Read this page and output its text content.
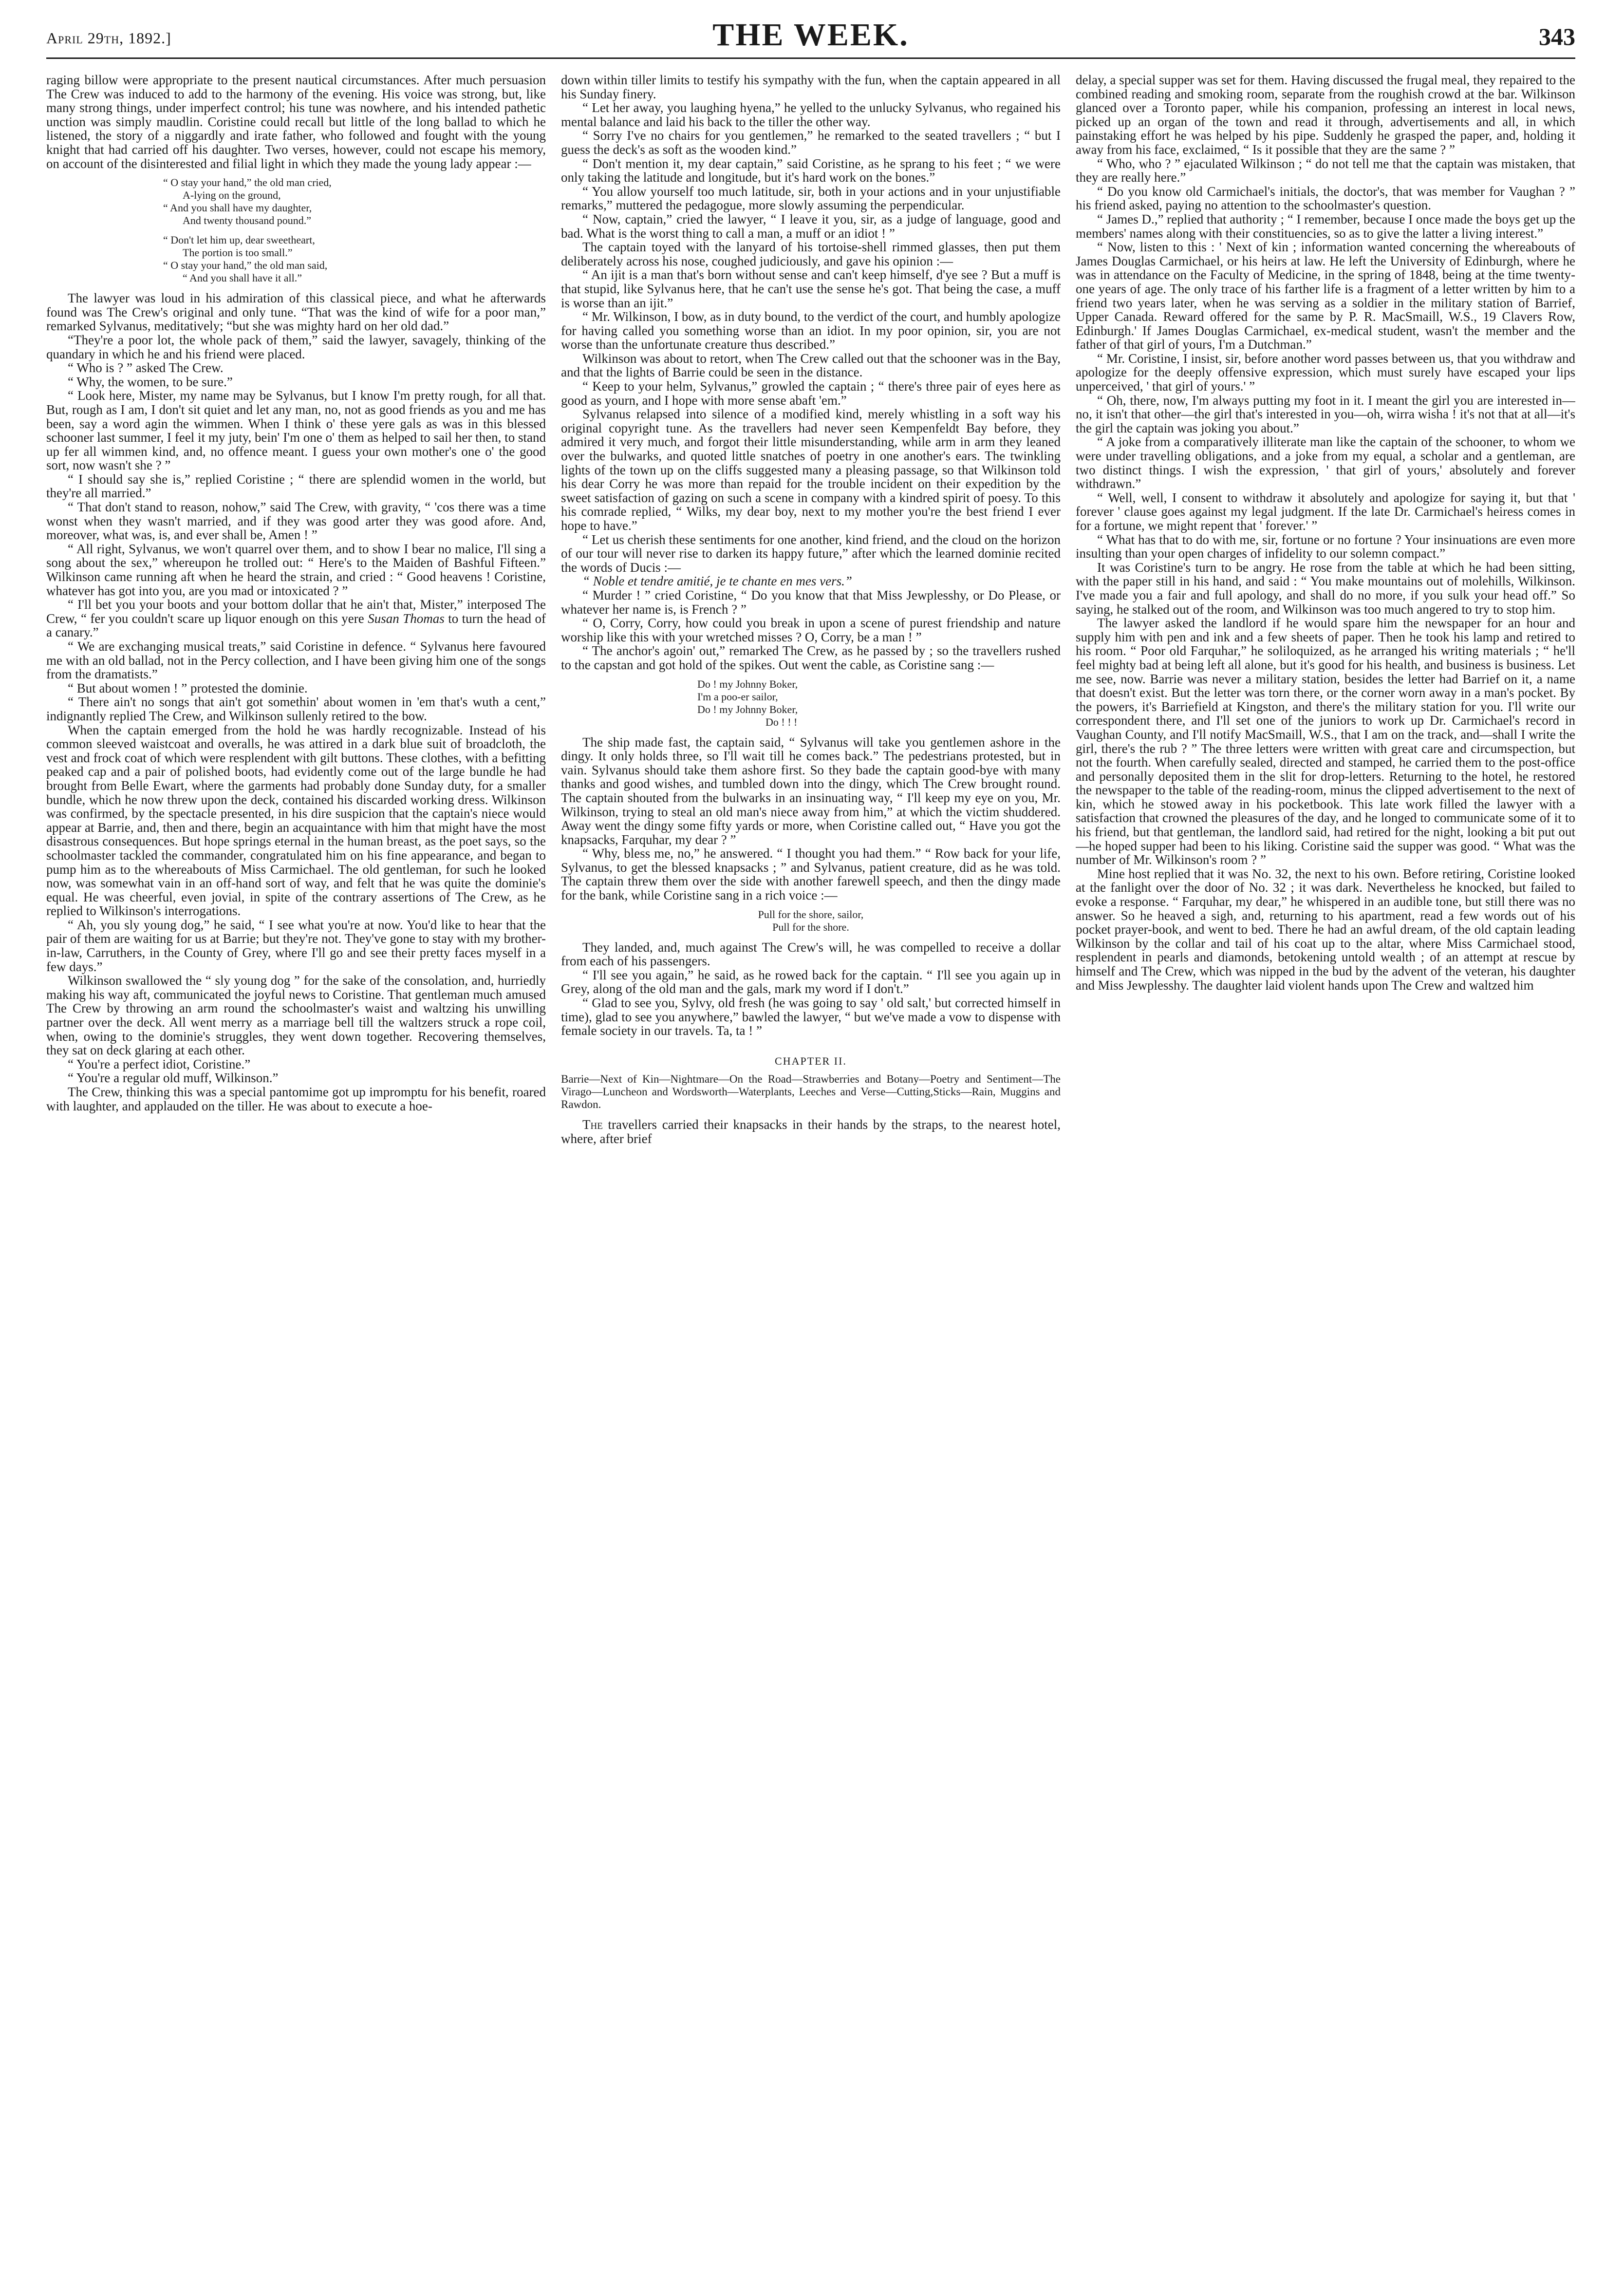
April 29th, 1892.]	THE WEEK.	343

raging billow were appropriate to the present nautical circumstances. After much persuasion The Crew was induced to add to the harmony of the evening. His voice was strong, but, like many strong things, under imperfect control; his tune was nowhere, and his intended pathetic unction was simply maudlin. Coristine could recall but little of the long ballad to which he listened, the story of a niggardly and irate father, who followed and fought with the young knight that had carried off his daughter. Two verses, however, could not escape his memory, on account of the disinterested and filial light in which they made the young lady appear :—

“ O stay your hand,” the old man cried,
A-lying on the ground,
“ And you shall have my daughter,
And twenty thousand pound.”
“ Don't let him up, dear sweetheart,
The portion is too small.”
“ O stay your hand,” the old man said,
“ And you shall have it all.”

The lawyer was loud in his admiration of this classical piece, and what he afterwards found was The Crew's original and only tune. “That was the kind of wife for a poor man,” remarked Sylvanus, meditatively; “but she was mighty hard on her old dad.”

“They're a poor lot, the whole pack of them,” said the lawyer, savagely, thinking of the quandary in which he and his friend were placed.

“ Who is ? ” asked The Crew.

“ Why, the women, to be sure.”

“ Look here, Mister, my name may be Sylvanus, but I know I'm pretty rough, for all that. But, rough as I am, I don't sit quiet and let any man, no, not as good friends as you and me has been, say a word agin the wimmen. When I think o' these yere gals as was in this blessed schooner last summer, I feel it my juty, bein' I'm one o' them as helped to sail her then, to stand up fer all wimmen kind, and, no offence meant. I guess your own mother's one o' the good sort, now wasn't she ? ”

“ I should say she is,” replied Coristine ; “ there are splendid women in the world, but they're all married.”

“ That don't stand to reason, nohow,” said The Crew, with gravity, “ 'cos there was a time wonst when they wasn't married, and if they was good arter they was good afore. And, moreover, what was, is, and ever shall be, Amen ! ”

“ All right, Sylvanus, we won't quarrel over them, and to show I bear no malice, I'll sing a song about the sex,” whereupon he trolled out: “ Here's to the Maiden of Bashful Fifteen.” Wilkinson came running aft when he heard the strain, and cried : “ Good heavens ! Coristine, whatever has got into you, are you mad or intoxicated ? ”

“ I'll bet you your boots and your bottom dollar that he ain't that, Mister,” interposed The Crew, “ fer you couldn't scare up liquor enough on this yere Susan Thomas to turn the head of a canary.”

“ We are exchanging musical treats,” said Coristine in defence. “ Sylvanus here favoured me with an old ballad, not in the Percy collection, and I have been giving him one of the songs from the dramatists.”

“ But about women ! ” protested the dominie.

“ There ain't no songs that ain't got somethin' about women in 'em that's wuth a cent,” indignantly replied The Crew, and Wilkinson sullenly retired to the bow.

When the captain emerged from the hold he was hardly recognizable. Instead of his common sleeved waistcoat and overalls, he was attired in a dark blue suit of broadcloth, the vest and frock coat of which were resplendent with gilt buttons. These clothes, with a befitting peaked cap and a pair of polished boots, had evidently come out of the large bundle he had brought from Belle Ewart, where the garments had probably done Sunday duty, for a smaller bundle, which he now threw upon the deck, contained his discarded working dress. Wilkinson was confirmed, by the spectacle presented, in his dire suspicion that the captain's niece would appear at Barrie, and, then and there, begin an acquaintance with him that might have the most disastrous consequences. But hope springs eternal in the human breast, as the poet says, so the schoolmaster tackled the commander, congratulated him on his fine appearance, and began to pump him as to the whereabouts of Miss Carmichael. The old gentleman, for such he looked now, was somewhat vain in an off-hand sort of way, and felt that he was quite the dominie's equal. He was cheerful, even jovial, in spite of the contrary assertions of The Crew, as he replied to Wilkinson's interrogations.

“ Ah, you sly young dog,” he said, “ I see what you're at now. You'd like to hear that the pair of them are waiting for us at Barrie; but they're not. They've gone to stay with my brother-in-law, Carruthers, in the County of Grey, where I'll go and see their pretty faces myself in a few days.”

Wilkinson swallowed the “ sly young dog ” for the sake of the consolation, and, hurriedly making his way aft, communicated the joyful news to Coristine. That gentleman much amused The Crew by throwing an arm round the schoolmaster's waist and waltzing his unwilling partner over the deck. All went merry as a marriage bell till the waltzers struck a rope coil, when, owing to the dominie's struggles, they went down together. Recovering themselves, they sat on deck glaring at each other.

“ You're a perfect idiot, Coristine.”

“ You're a regular old muff, Wilkinson.”

The Crew, thinking this was a special pantomime got up impromptu for his benefit, roared with laughter, and applauded on the tiller. He was about to execute a hoe-

down within tiller limits to testify his sympathy with the fun, when the captain appeared in all his Sunday finery.

“ Let her away, you laughing hyena,” he yelled to the unlucky Sylvanus, who regained his mental balance and laid his back to the tiller the other way.

“ Sorry I've no chairs for you gentlemen,” he remarked to the seated travellers ; “ but I guess the deck's as soft as the wooden kind.”

“ Don't mention it, my dear captain,” said Coristine, as he sprang to his feet ; “ we were only taking the latitude and longitude, but it's hard work on the bones.”

“ You allow yourself too much latitude, sir, both in your actions and in your unjustifiable remarks,” muttered the pedagogue, more slowly assuming the perpendicular.

“ Now, captain,” cried the lawyer, “ I leave it you, sir, as a judge of language, good and bad. What is the worst thing to call a man, a muff or an idiot ! ”

The captain toyed with the lanyard of his tortoise-shell rimmed glasses, then put them deliberately across his nose, coughed judiciously, and gave his opinion :—

“ An ijit is a man that's born without sense and can't keep himself, d'ye see ? But a muff is that stupid, like Sylvanus here, that he can't use the sense he's got. That being the case, a muff is worse than an ijit.”

“ Mr. Wilkinson, I bow, as in duty bound, to the verdict of the court, and humbly apologize for having called you something worse than an idiot. In my poor opinion, sir, you are not worse than the unfortunate creature thus described.”

Wilkinson was about to retort, when The Crew called out that the schooner was in the Bay, and that the lights of Barrie could be seen in the distance.

“ Keep to your helm, Sylvanus,” growled the captain ; “ there's three pair of eyes here as good as yourn, and I hope with more sense abaft 'em.”

Sylvanus relapsed into silence of a modified kind, merely whistling in a soft way his original copyright tune. As the travellers had never seen Kempenfeldt Bay before, they admired it very much, and forgot their little misunderstanding, while arm in arm they leaned over the bulwarks, and quoted little snatches of poetry in one another's ears. The twinkling lights of the town up on the cliffs suggested many a pleasing passage, so that Wilkinson told his dear Corry he was more than repaid for the trouble incident on their expedition by the sweet satisfaction of gazing on such a scene in company with a kindred spirit of poesy. To this his comrade replied, “ Wilks, my dear boy, next to my mother you're the best friend I ever hope to have.”

“ Let us cherish these sentiments for one another, kind friend, and the cloud on the horizon of our tour will never rise to darken its happy future,” after which the learned dominie recited the words of Ducis :—

“ Noble et tendre amitié, je te chante en mes vers.”

“ Murder ! ” cried Coristine, “ Do you know that that Miss Jewplesshy, or Do Please, or whatever her name is, is French ? ”

“ O, Corry, Corry, how could you break in upon a scene of purest friendship and nature worship like this with your wretched misses ? O, Corry, be a man ! ”

“ The anchor's agoin' out,” remarked The Crew, as he passed by ; so the travellers rushed to the capstan and got hold of the spikes. Out went the cable, as Coristine sang :—

Do ! my Johnny Boker,
I'm a poo-er sailor,
Do ! my Johnny Boker,
Do ! ! !

The ship made fast, the captain said, “ Sylvanus will take you gentlemen ashore in the dingy. It only holds three, so I'll wait till he comes back.” The pedestrians protested, but in vain. Sylvanus should take them ashore first. So they bade the captain good-bye with many thanks and good wishes, and tumbled down into the dingy, which The Crew brought round. The captain shouted from the bulwarks in an insinuating way, “ I'll keep my eye on you, Mr. Wilkinson, trying to steal an old man's niece away from him,” at which the victim shuddered. Away went the dingy some fifty yards or more, when Coristine called out, “ Have you got the knapsacks, Farquhar, my dear ? ”

“ Why, bless me, no,” he answered. “ I thought you had them.” “ Row back for your life, Sylvanus, to get the blessed knapsacks ; ” and Sylvanus, patient creature, did as he was told. The captain threw them over the side with another farewell speech, and then the dingy made for the bank, while Coristine sang in a rich voice :—

Pull for the shore, sailor,
Pull for the shore.

They landed, and, much against The Crew's will, he was compelled to receive a dollar from each of his passengers.

“ I'll see you again,” he said, as he rowed back for the captain. “ I'll see you again up in Grey, along of the old man and the gals, mark my word if I don't.”

“ Glad to see you, Sylvy, old fresh (he was going to say ' old salt,' but corrected himself in time), glad to see you anywhere,” bawled the lawyer, “ but we've made a vow to dispense with female society in our travels. Ta, ta ! ”

CHAPTER II.
Barrie—Next of Kin—Nightmare—On the Road—Strawberries and Botany—Poetry and Sentiment—The Virago—Luncheon and Wordsworth—Waterplants, Leeches and Verse—Cutting,Sticks—Rain, Muggins and Rawdon.

The travellers carried their knapsacks in their hands by the straps, to the nearest hotel, where, after brief

delay, a special supper was set for them. Having discussed the frugal meal, they repaired to the combined reading and smoking room, separate from the roughish crowd at the bar. Wilkinson glanced over a Toronto paper, while his companion, professing an interest in local news, picked up an organ of the town and read it through, advertisements and all, in which painstaking effort he was helped by his pipe. Suddenly he grasped the paper, and, holding it away from his face, exclaimed, “ Is it possible that they are the same ? ”

“ Who, who ? ” ejaculated Wilkinson ; “ do not tell me that the captain was mistaken, that they are really here.”

“ Do you know old Carmichael's initials, the doctor's, that was member for Vaughan ? ” his friend asked, paying no attention to the schoolmaster's question.

“ James D.,” replied that authority ; “ I remember, because I once made the boys get up the members' names along with their constituencies, so as to give the latter a living interest.”

“ Now, listen to this : ' Next of kin ; information wanted concerning the whereabouts of James Douglas Carmichael, or his heirs at law. He left the University of Edinburgh, where he was in attendance on the Faculty of Medicine, in the spring of 1848, being at the time twenty-one years of age. The only trace of his farther life is a fragment of a letter written by him to a friend two years later, when he was serving as a soldier in the military station of Barrief, Upper Canada. Reward offered for the same by P. R. MacSmaill, W.S., 19 Clavers Row, Edinburgh.' If James Douglas Carmichael, ex-medical student, wasn't the member and the father of that girl of yours, I'm a Dutchman.”

“ Mr. Coristine, I insist, sir, before another word passes between us, that you withdraw and apologize for the deeply offensive expression, which must surely have escaped your lips unperceived, ' that girl of yours.' ”

“ Oh, there, now, I'm always putting my foot in it. I meant the girl you are interested in—no, it isn't that other—the girl that's interested in you—oh, wirra wisha ! it's not that at all—it's the girl the captain was joking you about.”

“ A joke from a comparatively illiterate man like the captain of the schooner, to whom we were under travelling obligations, and a joke from my equal, a scholar and a gentleman, are two distinct things. I wish the expression, ' that girl of yours,' absolutely and forever withdrawn.”

“ Well, well, I consent to withdraw it absolutely and apologize for saying it, but that ' forever ' clause goes against my legal judgment. If the late Dr. Carmichael's heiress comes in for a fortune, we might repent that ' forever.' ”

“ What has that to do with me, sir, fortune or no fortune ? Your insinuations are even more insulting than your open charges of infidelity to our solemn compact.”

It was Coristine's turn to be angry. He rose from the table at which he had been sitting, with the paper still in his hand, and said : “ You make mountains out of molehills, Wilkinson. I've made you a fair and full apology, and shall do no more, if you sulk your head off.” So saying, he stalked out of the room, and Wilkinson was too much angered to try to stop him.

The lawyer asked the landlord if he would spare him the newspaper for an hour and supply him with pen and ink and a few sheets of paper. Then he took his lamp and retired to his room. “ Poor old Farquhar,” he soliloquized, as he arranged his writing materials ; “ he'll feel mighty bad at being left all alone, but it's good for his health, and business is business. Let me see, now. Barrie was never a military station, besides the letter had Barrief on it, a name that doesn't exist. But the letter was torn there, or the corner worn away in a man's pocket. By the powers, it's Barriefield at Kingston, and there's the military station for you. I'll write our correspondent there, and I'll set one of the juniors to work up Dr. Carmichael's record in Vaughan County, and I'll notify MacSmaill, W.S., that I am on the track, and—shall I write the girl, there's the rub ? ” The three letters were written with great care and circumspection, but not the fourth. When carefully sealed, directed and stamped, he carried them to the post-office and personally deposited them in the slit for drop-letters. Returning to the hotel, he restored the newspaper to the table of the reading-room, minus the clipped advertisement to the next of kin, which he stowed away in his pocketbook. This late work filled the lawyer with a satisfaction that crowned the pleasures of the day, and he longed to communicate some of it to his friend, but that gentleman, the landlord said, had retired for the night, looking a bit put out—he hoped supper had been to his liking. Coristine said the supper was good. “ What was the number of Mr. Wilkinson's room ? ”

Mine host replied that it was No. 32, the next to his own. Before retiring, Coristine looked at the fanlight over the door of No. 32 ; it was dark. Nevertheless he knocked, but failed to evoke a response. “ Farquhar, my dear,” he whispered in an audible tone, but still there was no answer. So he heaved a sigh, and, returning to his apartment, read a few words out of his pocket prayer-book, and went to bed. There he had an awful dream, of the old captain leading Wilkinson by the collar and tail of his coat up to the altar, where Miss Carmichael stood, resplendent in pearls and diamonds, betokening untold wealth ; of an attempt at rescue by himself and The Crew, which was nipped in the bud by the advent of the veteran, his daughter and Miss Jewplesshy. The daughter laid violent hands upon The Crew and waltzed him
